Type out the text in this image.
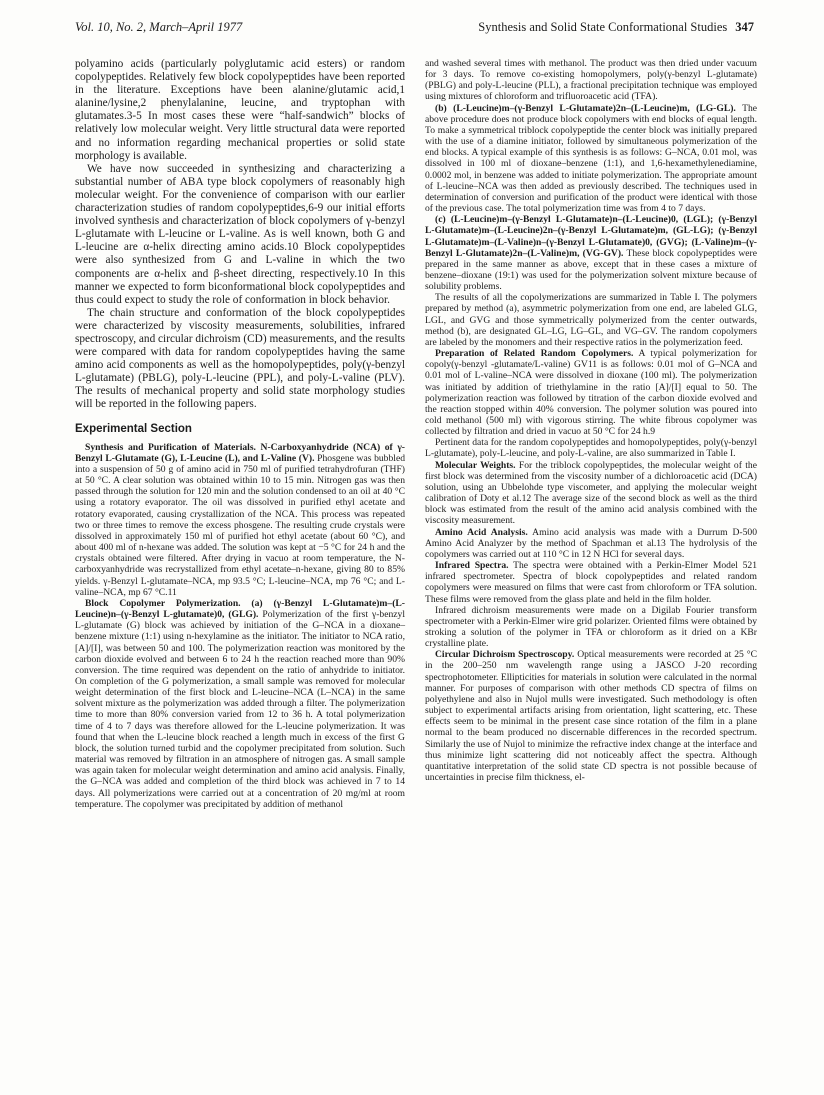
Vol. 10, No. 2, March–April 1977	Synthesis and Solid State Conformational Studies 347

polyamino acids (particularly polyglutamic acid esters) or random copolypeptides. Relatively few block copolypeptides have been reported in the literature. Exceptions have been alanine/glutamic acid,1 alanine/lysine,2 phenylalanine, leucine, and tryptophan with glutamates.3-5 In most cases these were “half-sandwich” blocks of relatively low molecular weight. Very little structural data were reported and no information regarding mechanical properties or solid state morphology is available.

We have now succeeded in synthesizing and characterizing a substantial number of ABA type block copolymers of reasonably high molecular weight. For the convenience of comparison with our earlier characterization studies of random copolypeptides,6-9 our initial efforts involved synthesis and characterization of block copolymers of γ-benzyl L-glutamate with L-leucine or L-valine. As is well known, both G and L-leucine are α-helix directing amino acids.10 Block copolypeptides were also synthesized from G and L-valine in which the two components are α-helix and β-sheet directing, respectively.10 In this manner we expected to form biconformational block copolypeptides and thus could expect to study the role of conformation in block behavior.

The chain structure and conformation of the block copolypeptides were characterized by viscosity measurements, solubilities, infrared spectroscopy, and circular dichroism (CD) measurements, and the results were compared with data for random copolypeptides having the same amino acid components as well as the homopolypeptides, poly(γ-benzyl L-glutamate) (PBLG), poly-L-leucine (PPL), and poly-L-valine (PLV). The results of mechanical property and solid state morphology studies will be reported in the following papers.

Experimental Section

Synthesis and Purification of Materials. N-Carboxyanhydride (NCA) of γ-Benzyl L-Glutamate (G), L-Leucine (L), and L-Valine (V). Phosgene was bubbled into a suspension of 50 g of amino acid in 750 ml of purified tetrahydrofuran (THF) at 50 °C. A clear solution was obtained within 10 to 15 min. Nitrogen gas was then passed through the solution for 120 min and the solution condensed to an oil at 40 °C using a rotatory evaporator. The oil was dissolved in purified ethyl acetate and rotatory evaporated, causing crystallization of the NCA. This process was repeated two or three times to remove the excess phosgene. The resulting crude crystals were dissolved in approximately 150 ml of purified hot ethyl acetate (about 60 °C), and about 400 ml of n-hexane was added. The solution was kept at −5 °C for 24 h and the crystals obtained were filtered. After drying in vacuo at room temperature, the N-carboxyanhydride was recrystallized from ethyl acetate–n-hexane, giving 80 to 85% yields. γ-Benzyl L-glutamate–NCA, mp 93.5 °C; L-leucine–NCA, mp 76 °C; and L-valine–NCA, mp 67 °C.11

Block Copolymer Polymerization. (a) (γ-Benzyl L-Glutamate)m–(L-Leucine)n–(γ-Benzyl L-glutamate)0, (GLG). Polymerization of the first γ-benzyl L-glutamate (G) block was achieved by initiation of the G–NCA in a dioxane–benzene mixture (1:1) using n-hexylamine as the initiator. The initiator to NCA ratio, [A]/[I], was between 50 and 100. The polymerization reaction was monitored by the carbon dioxide evolved and between 6 to 24 h the reaction reached more than 90% conversion. The time required was dependent on the ratio of anhydride to initiator. On completion of the G polymerization, a small sample was removed for molecular weight determination of the first block and L-leucine–NCA (L–NCA) in the same solvent mixture as the polymerization was added through a filter. The polymerization time to more than 80% conversion varied from 12 to 36 h. A total polymerization time of 4 to 7 days was therefore allowed for the L-leucine polymerization. It was found that when the L-leucine block reached a length much in excess of the first G block, the solution turned turbid and the copolymer precipitated from solution. Such material was removed by filtration in an atmosphere of nitrogen gas. A small sample was again taken for molecular weight determination and amino acid analysis. Finally, the G–NCA was added and completion of the third block was achieved in 7 to 14 days. All polymerizations were carried out at a concentration of 20 mg/ml at room temperature. The copolymer was precipitated by addition of methanol

and washed several times with methanol. The product was then dried under vacuum for 3 days. To remove co-existing homopolymers, poly(γ-benzyl L-glutamate) (PBLG) and poly-L-leucine (PLL), a fractional precipitation technique was employed using mixtures of chloroform and trifluoroacetic acid (TFA).

(b) (L-Leucine)m–(γ-Benzyl L-Glutamate)2n–(L-Leucine)m, (LG-GL). The above procedure does not produce block copolymers with end blocks of equal length. To make a symmetrical triblock copolypeptide the center block was initially prepared with the use of a diamine initiator, followed by simultaneous polymerization of the end blocks. A typical example of this synthesis is as follows: G–NCA, 0.01 mol, was dissolved in 100 ml of dioxane–benzene (1:1), and 1,6-hexamethylenediamine, 0.0002 mol, in benzene was added to initiate polymerization. The appropriate amount of L-leucine–NCA was then added as previously described. The techniques used in determination of conversion and purification of the product were identical with those of the previous case. The total polymerization time was from 4 to 7 days.

(c) (L-Leucine)m–(γ-Benzyl L-Glutamate)n–(L-Leucine)0, (LGL); (γ-Benzyl L-Glutamate)m–(L-Leucine)2n–(γ-Benzyl L-Glutamate)m, (GL-LG); (γ-Benzyl L-Glutamate)m–(L-Valine)n–(γ-Benzyl L-Glutamate)0, (GVG); (L-Valine)m–(γ-Benzyl L-Glutamate)2n–(L-Valine)m, (VG-GV). These block copolypeptides were prepared in the same manner as above, except that in these cases a mixture of benzene–dioxane (19:1) was used for the polymerization solvent mixture because of solubility problems.

The results of all the copolymerizations are summarized in Table I. The polymers prepared by method (a), asymmetric polymerization from one end, are labeled GLG, LGL, and GVG and those symmetrically polymerized from the center outwards, method (b), are designated GL–LG, LG–GL, and VG–GV. The random copolymers are labeled by the monomers and their respective ratios in the polymerization feed.

Preparation of Related Random Copolymers. A typical polymerization for copoly(γ-benzyl -glutamate/L-valine) GV11 is as follows: 0.01 mol of G–NCA and 0.01 mol of L-valine–NCA were dissolved in dioxane (100 ml). The polymerization was initiated by addition of triethylamine in the ratio [A]/[I] equal to 50. The polymerization reaction was followed by titration of the carbon dioxide evolved and the reaction stopped within 40% conversion. The polymer solution was poured into cold methanol (500 ml) with vigorous stirring. The white fibrous copolymer was collected by filtration and dried in vacuo at 50 °C for 24 h.9

Pertinent data for the random copolypeptides and homopolypeptides, poly(γ-benzyl L-glutamate), poly-L-leucine, and poly-L-valine, are also summarized in Table I.

Molecular Weights. For the triblock copolypeptides, the molecular weight of the first block was determined from the viscosity number of a dichloroacetic acid (DCA) solution, using an Ubbelohde type viscometer, and applying the molecular weight calibration of Doty et al.12 The average size of the second block as well as the third block was estimated from the result of the amino acid analysis combined with the viscosity measurement.

Amino Acid Analysis. Amino acid analysis was made with a Durrum D-500 Amino Acid Analyzer by the method of Spachman et al.13 The hydrolysis of the copolymers was carried out at 110 °C in 12 N HCl for several days.

Infrared Spectra. The spectra were obtained with a Perkin-Elmer Model 521 infrared spectrometer. Spectra of block copolypeptides and related random copolymers were measured on films that were cast from chloroform or TFA solution. These films were removed from the glass plate and held in the film holder.

Infrared dichroism measurements were made on a Digilab Fourier transform spectrometer with a Perkin-Elmer wire grid polarizer. Oriented films were obtained by stroking a solution of the polymer in TFA or chloroform as it dried on a KBr crystalline plate.

Circular Dichroism Spectroscopy. Optical measurements were recorded at 25 °C in the 200–250 nm wavelength range using a JASCO J-20 recording spectrophotometer. Ellipticities for materials in solution were calculated in the normal manner. For purposes of comparison with other methods CD spectra of films on polyethylene and also in Nujol mulls were investigated. Such methodology is often subject to experimental artifacts arising from orientation, light scattering, etc. These effects seem to be minimal in the present case since rotation of the film in a plane normal to the beam produced no discernable differences in the recorded spectrum. Similarly the use of Nujol to minimize the refractive index change at the interface and thus minimize light scattering did not noticeably affect the spectra. Although quantitative interpretation of the solid state CD spectra is not possible because of uncertainties in precise film thickness, el-
